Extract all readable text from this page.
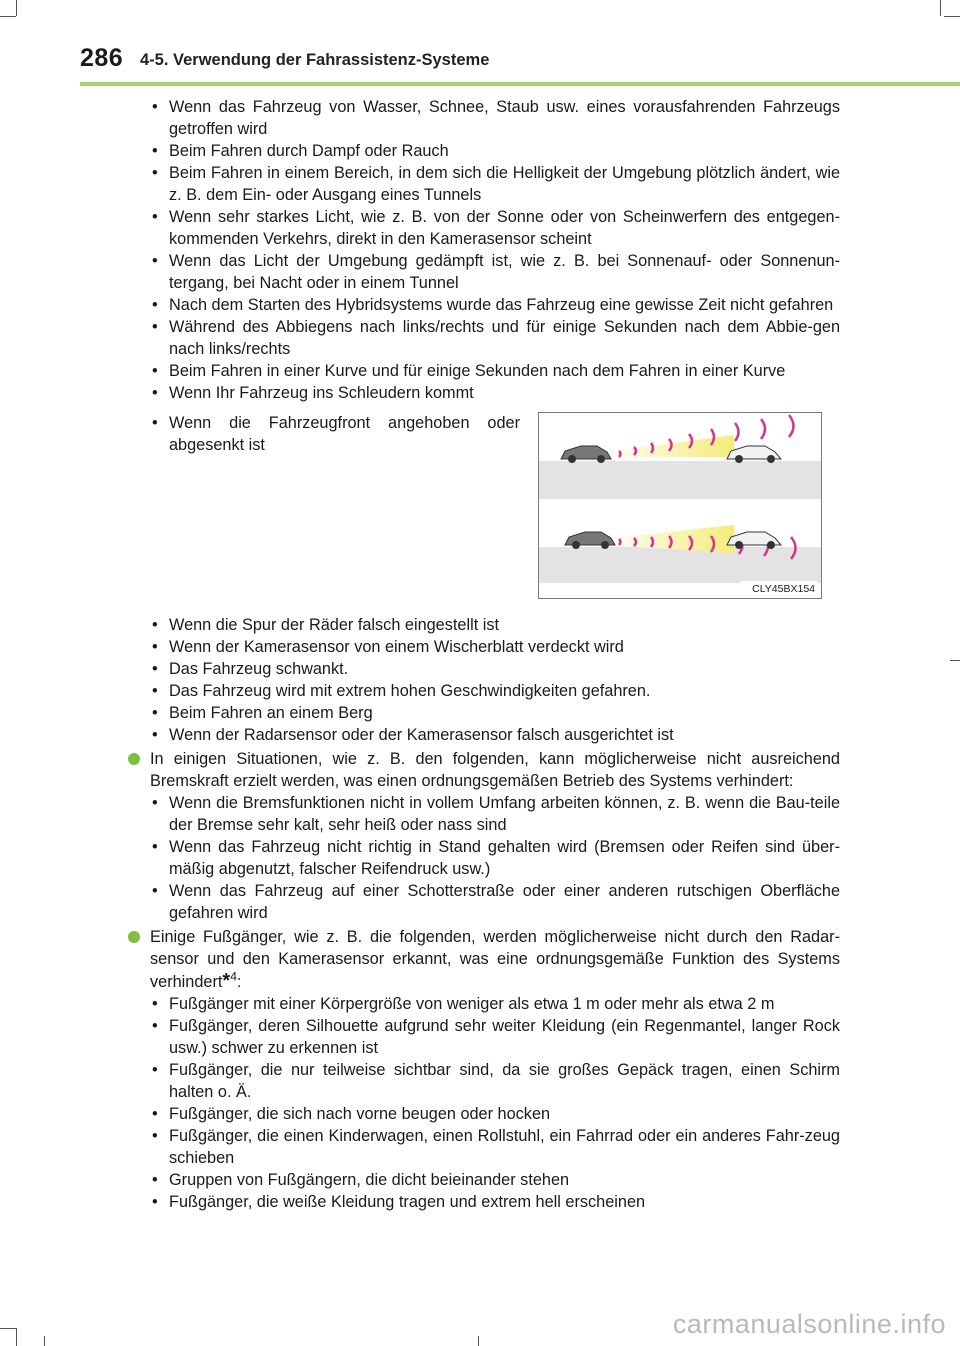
286 4-5. Verwendung der Fahrassistenz-Systeme
• Wenn das Fahrzeug von Wasser, Schnee, Staub usw. eines vorausfahrenden Fahrzeugs getroffen wird
• Beim Fahren durch Dampf oder Rauch
• Beim Fahren in einem Bereich, in dem sich die Helligkeit der Umgebung plötzlich ändert, wie z. B. dem Ein- oder Ausgang eines Tunnels
• Wenn sehr starkes Licht, wie z. B. von der Sonne oder von Scheinwerfern des entgegen-kommenden Verkehrs, direkt in den Kamerasensor scheint
• Wenn das Licht der Umgebung gedämpft ist, wie z. B. bei Sonnenauf- oder Sonnenun-tergang, bei Nacht oder in einem Tunnel
• Nach dem Starten des Hybridsystems wurde das Fahrzeug eine gewisse Zeit nicht gefahren
• Während des Abbiegens nach links/rechts und für einige Sekunden nach dem Abbie-gen nach links/rechts
• Beim Fahren in einer Kurve und für einige Sekunden nach dem Fahren in einer Kurve
• Wenn Ihr Fahrzeug ins Schleudern kommt
• Wenn die Fahrzeugfront angehoben oder abgesenkt ist
CLY45BX154
• Wenn die Spur der Räder falsch eingestellt ist
• Wenn der Kamerasensor von einem Wischerblatt verdeckt wird
• Das Fahrzeug schwankt.
• Das Fahrzeug wird mit extrem hohen Geschwindigkeiten gefahren.
• Beim Fahren an einem Berg
• Wenn der Radarsensor oder der Kamerasensor falsch ausgerichtet ist
In einigen Situationen, wie z. B. den folgenden, kann möglicherweise nicht ausreichend Bremskraft erzielt werden, was einen ordnungsgemäßen Betrieb des Systems verhindert:
• Wenn die Bremsfunktionen nicht in vollem Umfang arbeiten können, z. B. wenn die Bau-teile der Bremse sehr kalt, sehr heiß oder nass sind
• Wenn das Fahrzeug nicht richtig in Stand gehalten wird (Bremsen oder Reifen sind über-mäßig abgenutzt, falscher Reifendruck usw.)
• Wenn das Fahrzeug auf einer Schotterstraße oder einer anderen rutschigen Oberfläche gefahren wird
Einige Fußgänger, wie z. B. die folgenden, werden möglicherweise nicht durch den Radar-sensor und den Kamerasensor erkannt, was eine ordnungsgemäße Funktion des Systems verhindert*$^4$:
• Fußgänger mit einer Körpergröße von weniger als etwa 1 m oder mehr als etwa 2 m
• Fußgänger, deren Silhouette aufgrund sehr weiter Kleidung (ein Regenmantel, langer Rock usw.) schwer zu erkennen ist
• Fußgänger, die nur teilweise sichtbar sind, da sie großes Gepäck tragen, einen Schirm halten o. Ä.
• Fußgänger, die sich nach vorne beugen oder hocken
• Fußgänger, die einen Kinderwagen, einen Rollstuhl, ein Fahrrad oder ein anderes Fahr-zeug schieben
• Gruppen von Fußgängern, die dicht beieinander stehen
• Fußgänger, die weiße Kleidung tragen und extrem hell erscheinen
carmanualsonline.info
